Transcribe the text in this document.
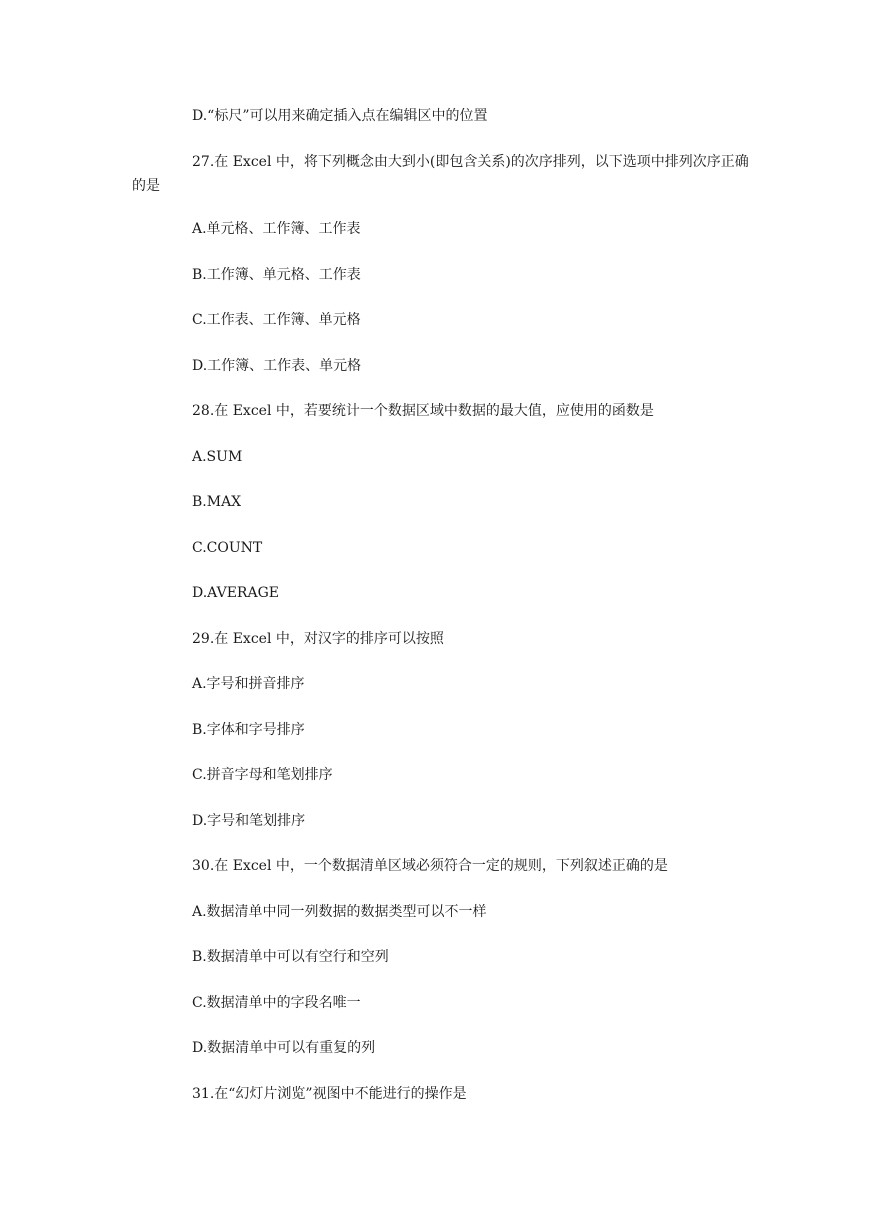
D.“标尺”可以用来确定插入点在编辑区中的位置
27.在 Excel 中，将下列概念由大到小(即包含关系)的次序排列，以下选项中排列次序正确的是
A.单元格、工作簿、工作表
B.工作簿、单元格、工作表
C.工作表、工作簿、单元格
D.工作簿、工作表、单元格
28.在 Excel 中，若要统计一个数据区域中数据的最大值，应使用的函数是
A.SUM
B.MAX
C.COUNT
D.AVERAGE
29.在 Excel 中，对汉字的排序可以按照
A.字号和拼音排序
B.字体和字号排序
C.拼音字母和笔划排序
D.字号和笔划排序
30.在 Excel 中，一个数据清单区域必须符合一定的规则，下列叙述正确的是
A.数据清单中同一列数据的数据类型可以不一样
B.数据清单中可以有空行和空列
C.数据清单中的字段名唯一
D.数据清单中可以有重复的列
31.在“幻灯片浏览”视图中不能进行的操作是
